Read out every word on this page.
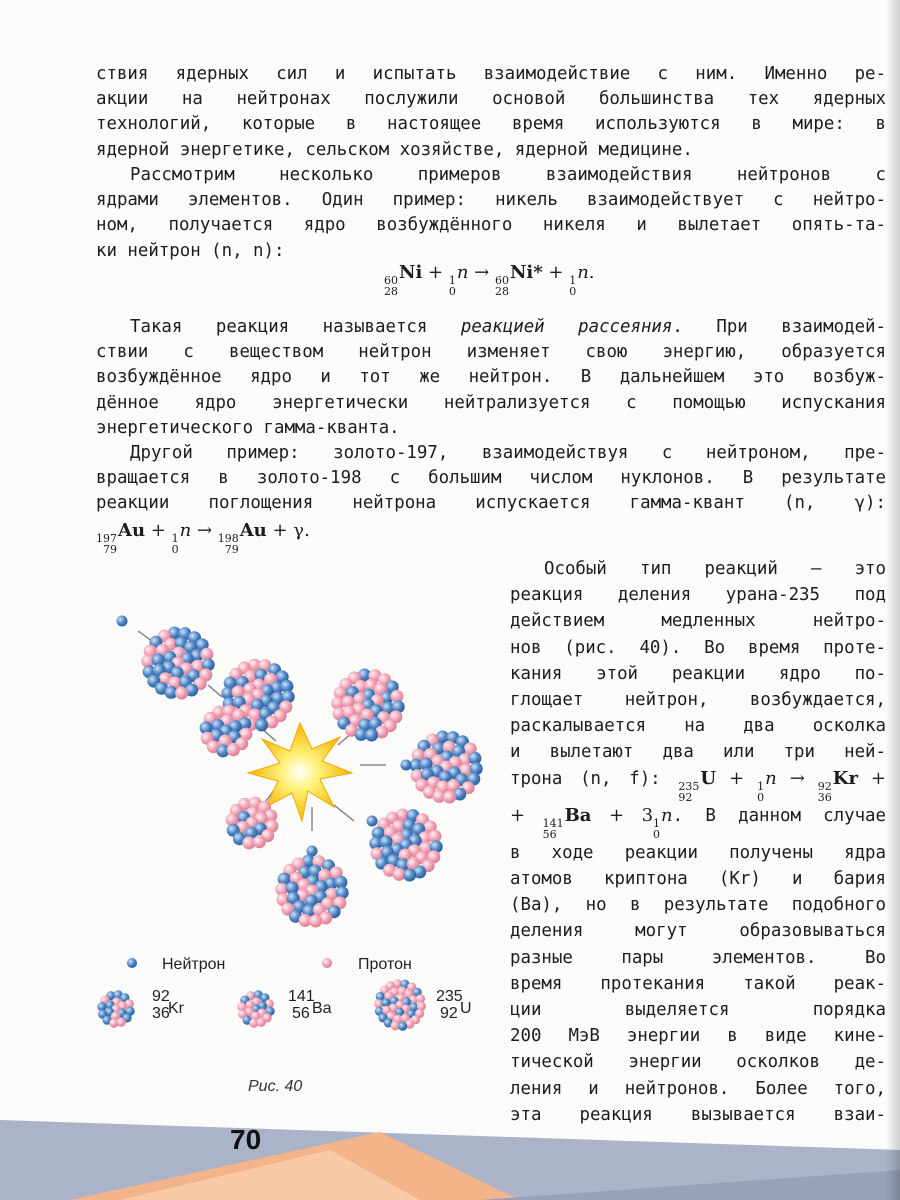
ствия ядерных сил и испытать взаимодействие с ним. Именно ре-
акции на нейтронах послужили основой большинства тех ядерных
технологий, которые в настоящее время используются в мире: в
ядерной энергетике, сельском хозяйстве, ядерной медицине.
Рассмотрим несколько примеров взаимодействия нейтронов с
ядрами элементов. Один пример: никель взаимодействует с нейтро-
ном, получается ядро возбуждённого никеля и вылетает опять-та-
ки нейтрон (n, n):
60
28
Ni + 1
0
n → 60
28
Ni* + 1
0
n.
Такая реакция называется реакцией рассеяния. При взаимодей-
ствии с веществом нейтрон изменяет свою энергию, образуется
возбуждённое ядро и тот же нейтрон. В дальнейшем это возбуж-
дённое ядро энергетически нейтрализуется с помощью испускания
энергетического гамма-кванта.
Другой пример: золото-197, взаимодействуя с нейтроном, пре-
вращается в золото-198 с большим числом нуклонов. В результате
реакции поглощения нейтрона испускается гамма-квант (n, γ):
197
79
Au + 1
0
n → 198
79
Au + γ.
Особый тип реакций — это
реакция деления урана-235 под
действием медленных нейтро-
нов (рис. 40). Во время проте-
кания этой реакции ядро по-
глощает нейтрон, возбуждается,
раскалывается на два осколка
и вылетают два или три ней-
трона (n, f): 235
92
U + 1
0
n → 92
36
Kr +
+ 141
56
Ba + 3 1
0
n. В данном случае
в ходе реакции получены ядра
атомов криптона (Kr) и бария
(Ba), но в результате подобного
деления могут образовываться
разные пары элементов. Во
время протекания такой реак-
ции выделяется порядка
200 МэВ энергии в виде кине-
тической энергии осколков де-
ления и нейтронов. Более того,
эта реакция вызывается взаи-
Нейтрон	Протон
92
36
Kr
141
56 Ba
235
92 U
Рис. 40
70
